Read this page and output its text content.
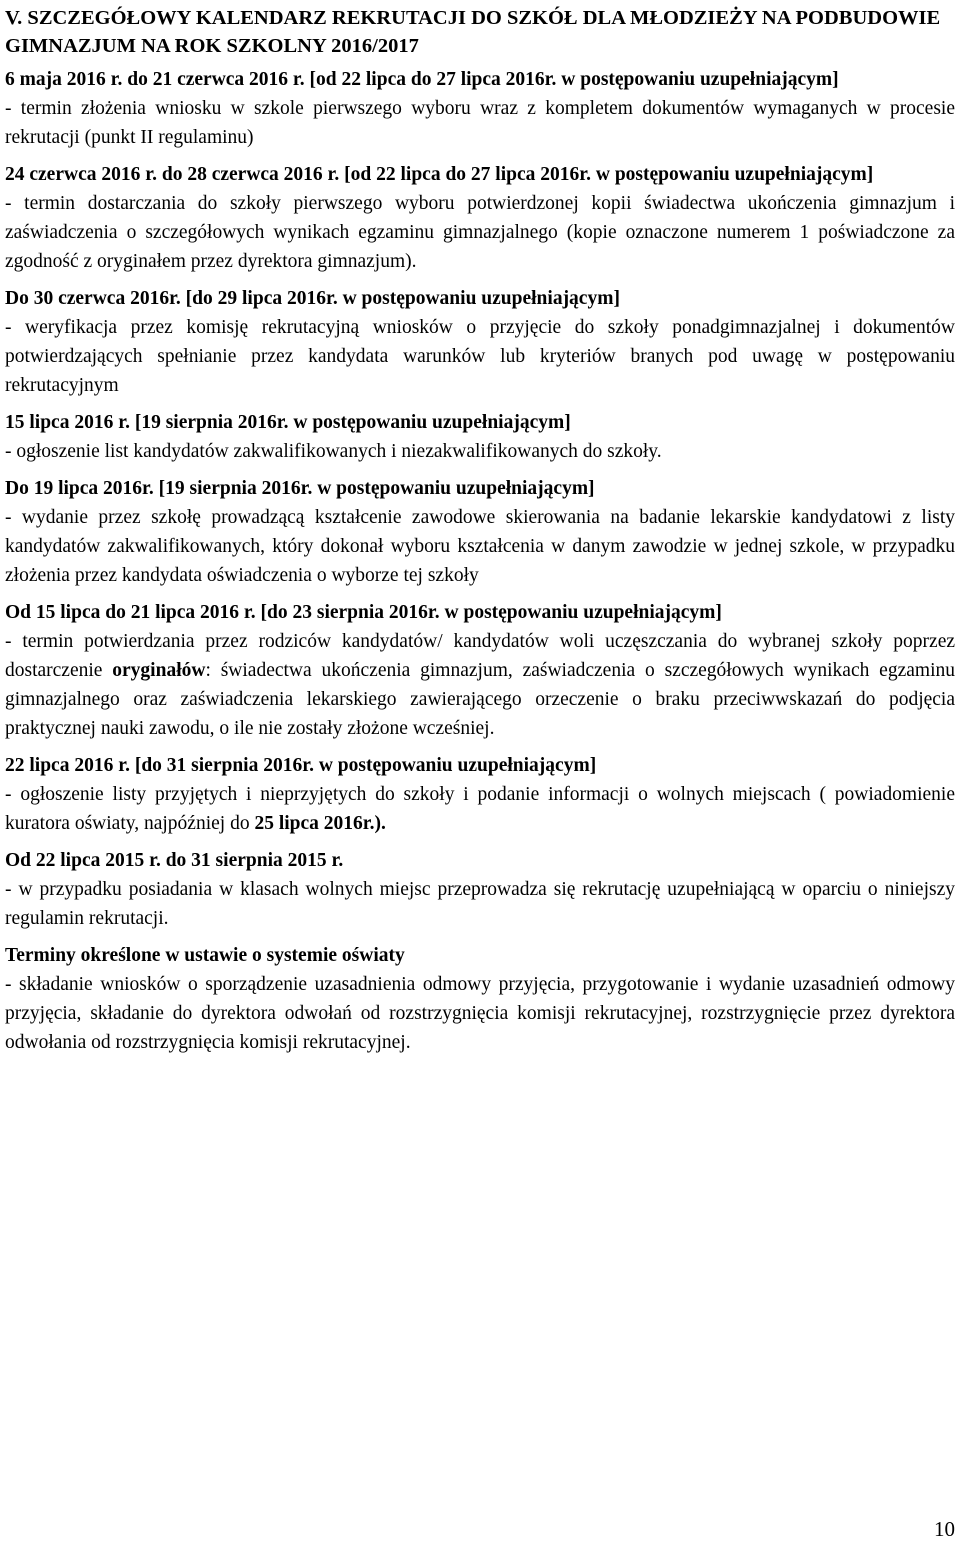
V. SZCZEGÓŁOWY KALENDARZ REKRUTACJI DO SZKÓŁ DLA MŁODZIEŻY NA PODBUDOWIE GIMNAZJUM NA ROK SZKOLNY 2016/2017
6 maja 2016 r. do 21 czerwca 2016 r. [od 22 lipca do 27 lipca 2016r. w postępowaniu uzupełniającym]

- termin złożenia wniosku w szkole pierwszego wyboru wraz z kompletem dokumentów wymaganych w procesie rekrutacji (punkt II regulaminu)

24 czerwca 2016 r. do 28 czerwca 2016 r. [od 22 lipca do 27 lipca 2016r. w postępowaniu uzupełniającym]

- termin dostarczania do szkoły pierwszego wyboru potwierdzonej kopii świadectwa ukończenia gimnazjum i zaświadczenia o szczegółowych wynikach egzaminu gimnazjalnego (kopie oznaczone numerem 1 poświadczone za zgodność z oryginałem przez dyrektora gimnazjum).

Do 30 czerwca 2016r. [do 29 lipca 2016r. w postępowaniu uzupełniającym]

- weryfikacja przez komisję rekrutacyjną wniosków o przyjęcie do szkoły ponadgimnazjalnej i dokumentów potwierdzających spełnianie przez kandydata warunków lub kryteriów branych pod uwagę w postępowaniu rekrutacyjnym

15 lipca 2016 r. [19 sierpnia 2016r. w postępowaniu uzupełniającym]

- ogłoszenie list kandydatów zakwalifikowanych i niezakwalifikowanych do szkoły.

Do 19 lipca 2016r. [19 sierpnia 2016r. w postępowaniu uzupełniającym]

- wydanie przez szkołę prowadzącą kształcenie zawodowe skierowania na badanie lekarskie kandydatowi z listy kandydatów zakwalifikowanych, który dokonał wyboru kształcenia w danym zawodzie w jednej szkole, w przypadku złożenia przez kandydata oświadczenia o wyborze tej szkoły

Od 15 lipca do 21 lipca 2016 r. [do 23 sierpnia 2016r. w postępowaniu uzupełniającym]

- termin potwierdzania przez rodziców kandydatów/ kandydatów woli uczęszczania do wybranej szkoły poprzez dostarczenie oryginałów: świadectwa ukończenia gimnazjum, zaświadczenia o szczegółowych wynikach egzaminu gimnazjalnego oraz zaświadczenia lekarskiego zawierającego orzeczenie o braku przeciwwskazań do podjęcia praktycznej nauki zawodu, o ile nie zostały złożone wcześniej.

22 lipca 2016 r. [do 31 sierpnia 2016r. w postępowaniu uzupełniającym]

- ogłoszenie listy przyjętych i nieprzyjętych do szkoły i podanie informacji o wolnych miejscach ( powiadomienie kuratora oświaty, najpóźniej do 25 lipca 2016r.).

Od 22 lipca 2015 r. do 31 sierpnia 2015 r.

- w przypadku posiadania w klasach wolnych miejsc przeprowadza się rekrutację uzupełniającą w oparciu o niniejszy regulamin rekrutacji.

Terminy określone w ustawie o systemie oświaty

- składanie wniosków o sporządzenie uzasadnienia odmowy przyjęcia, przygotowanie i wydanie uzasadnień odmowy przyjęcia, składanie do dyrektora odwołań od rozstrzygnięcia komisji rekrutacyjnej, rozstrzygnięcie przez dyrektora odwołania od rozstrzygnięcia komisji rekrutacyjnej.

10
